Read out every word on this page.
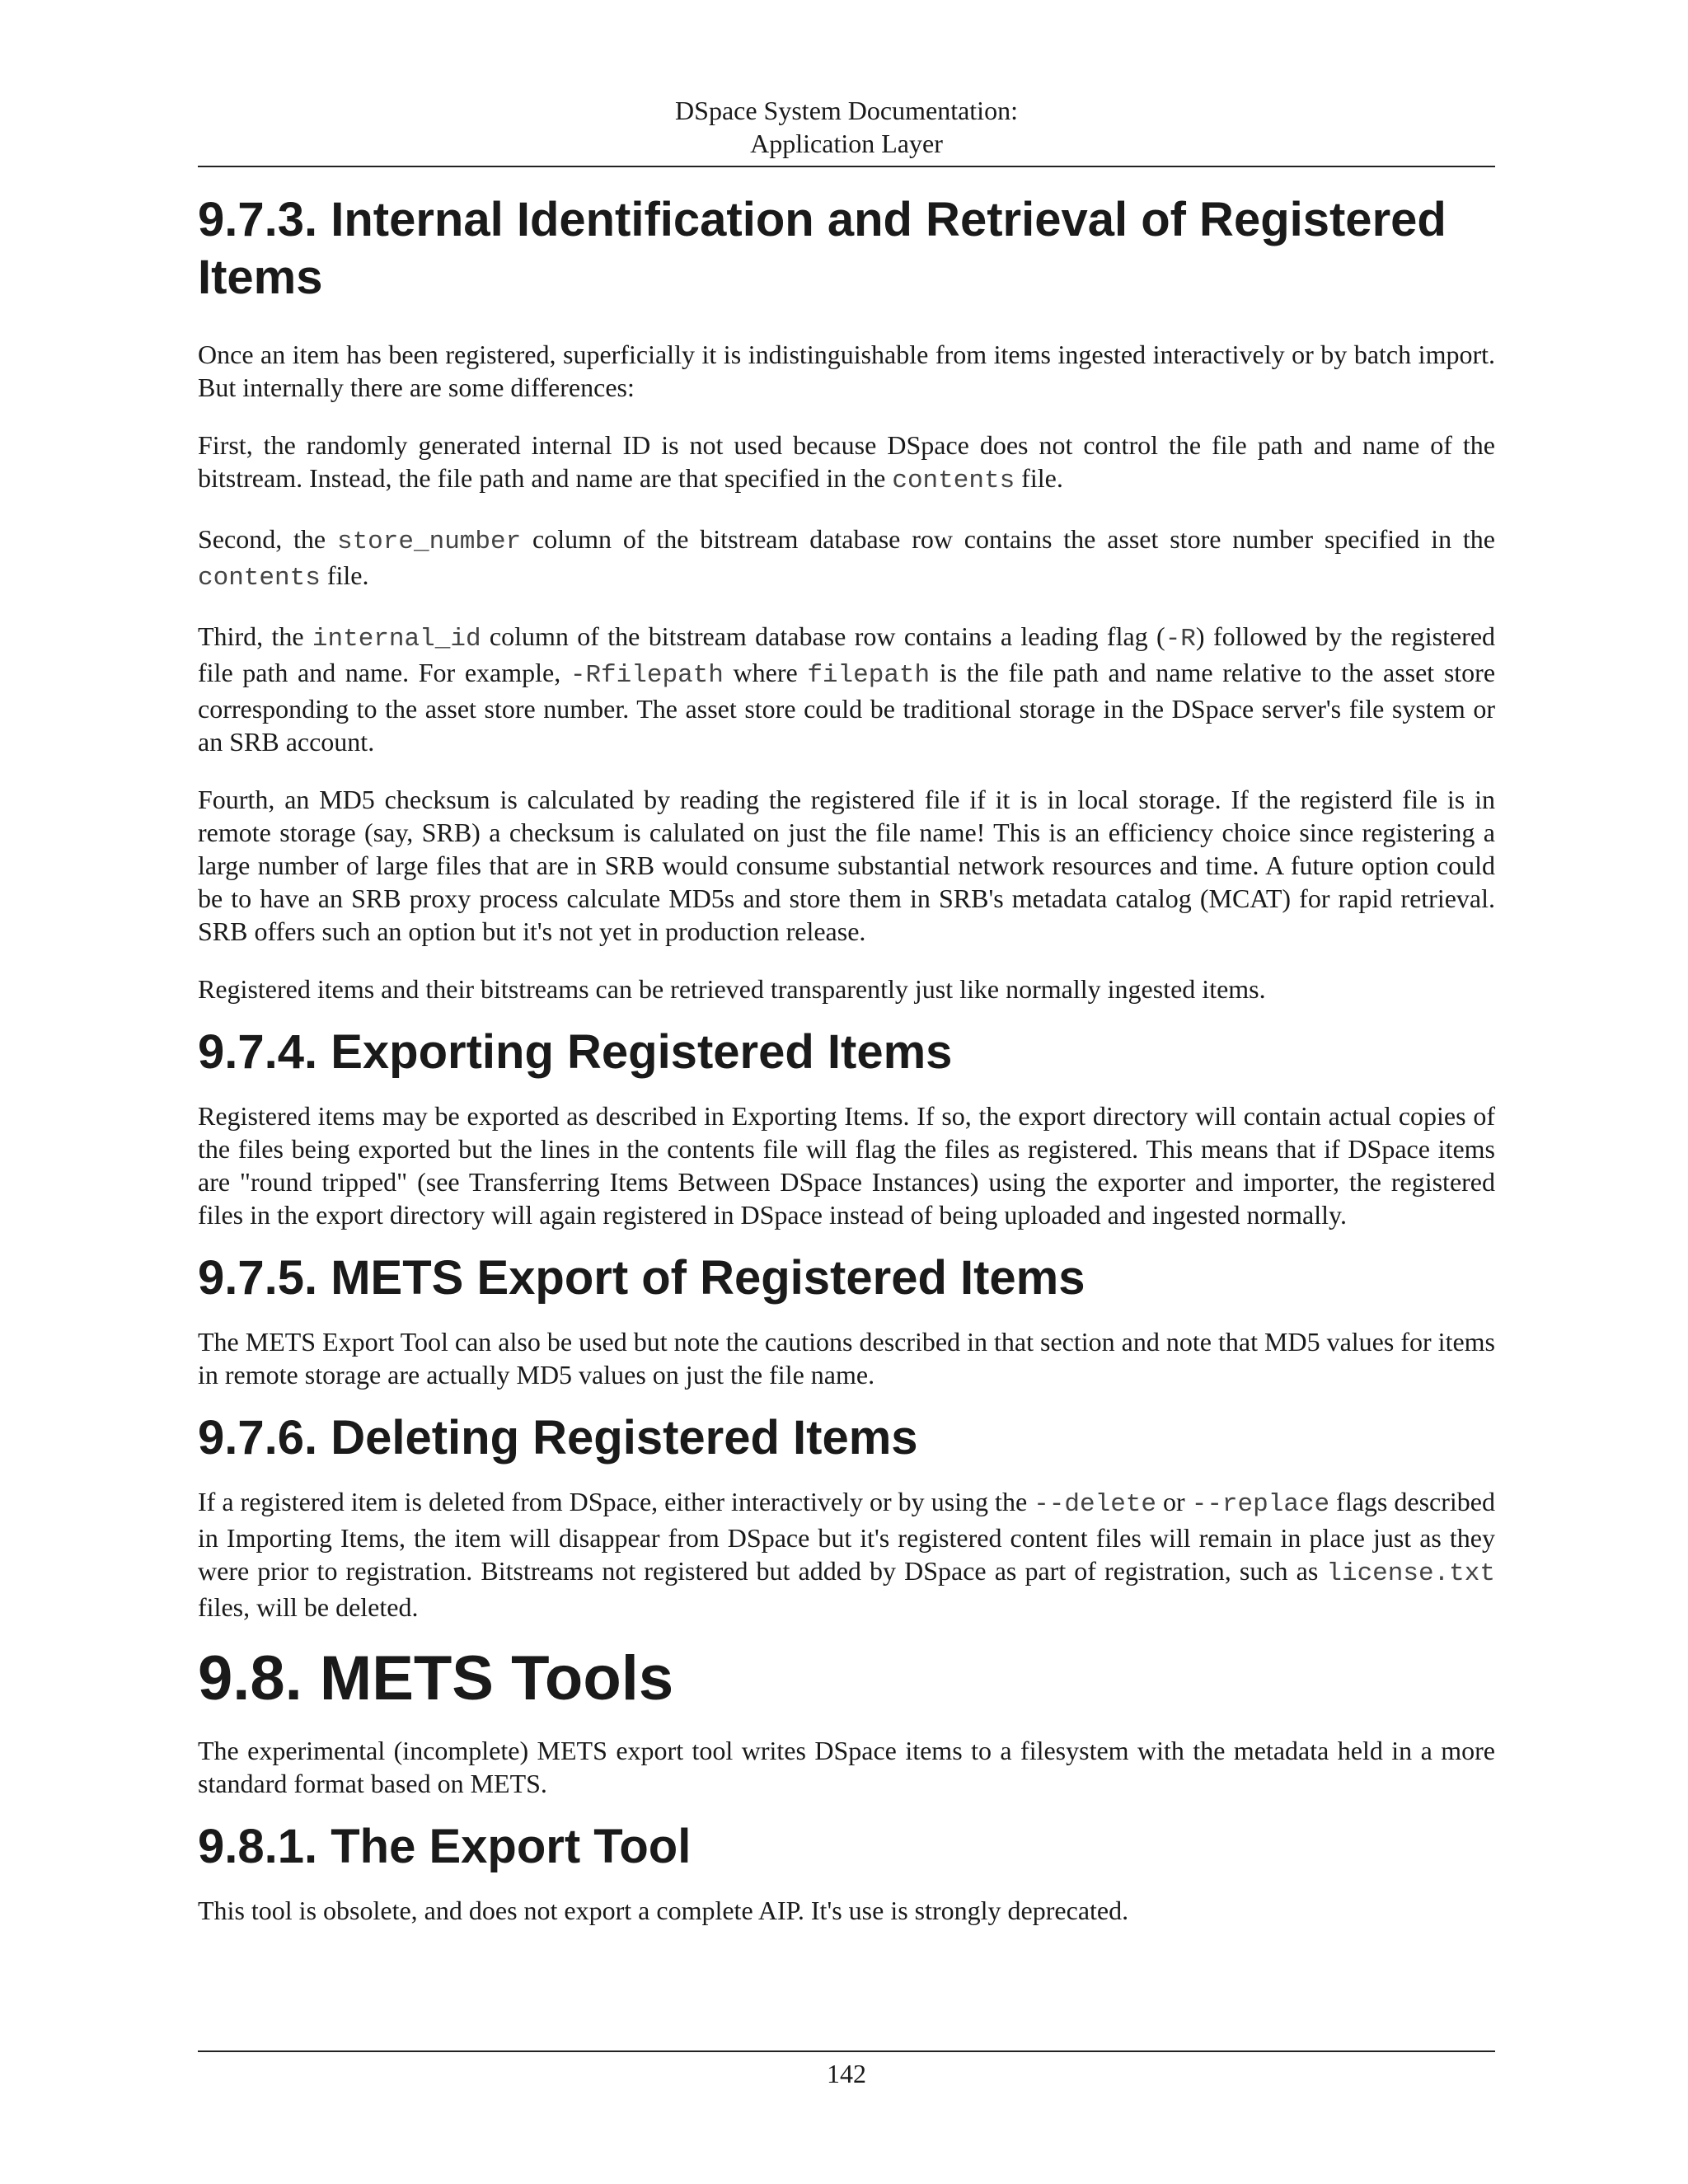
DSpace System Documentation:
Application Layer
9.7.3. Internal Identification and Retrieval of Registered Items

Once an item has been registered, superficially it is indistinguishable from items ingested interactively or by batch import. But internally there are some differences:

First, the randomly generated internal ID is not used because DSpace does not control the file path and name of the bitstream. Instead, the file path and name are that specified in the contents file.

Second, the store_number column of the bitstream database row contains the asset store number specified in the contents file.

Third, the internal_id column of the bitstream database row contains a leading flag (-R) followed by the registered file path and name. For example, -Rfilepath where filepath is the file path and name relative to the asset store corresponding to the asset store number. The asset store could be traditional storage in the DSpace server's file system or an SRB account.

Fourth, an MD5 checksum is calculated by reading the registered file if it is in local storage. If the registerd file is in remote storage (say, SRB) a checksum is calulated on just the file name! This is an efficiency choice since registering a large number of large files that are in SRB would consume substantial network resources and time. A future option could be to have an SRB proxy process calculate MD5s and store them in SRB's metadata catalog (MCAT) for rapid retrieval. SRB offers such an option but it's not yet in production release.

Registered items and their bitstreams can be retrieved transparently just like normally ingested items.

9.7.4. Exporting Registered Items

Registered items may be exported as described in Exporting Items. If so, the export directory will contain actual copies of the files being exported but the lines in the contents file will flag the files as registered. This means that if DSpace items are "round tripped" (see Transferring Items Between DSpace Instances) using the exporter and importer, the registered files in the export directory will again registered in DSpace instead of being uploaded and ingested normally.

9.7.5. METS Export of Registered Items

The METS Export Tool can also be used but note the cautions described in that section and note that MD5 values for items in remote storage are actually MD5 values on just the file name.

9.7.6. Deleting Registered Items

If a registered item is deleted from DSpace, either interactively or by using the --delete or --replace flags described in Importing Items, the item will disappear from DSpace but it's registered content files will remain in place just as they were prior to registration. Bitstreams not registered but added by DSpace as part of registration, such as license.txt files, will be deleted.

9.8. METS Tools

The experimental (incomplete) METS export tool writes DSpace items to a filesystem with the metadata held in a more standard format based on METS.

9.8.1. The Export Tool

This tool is obsolete, and does not export a complete AIP. It's use is strongly deprecated.

142
